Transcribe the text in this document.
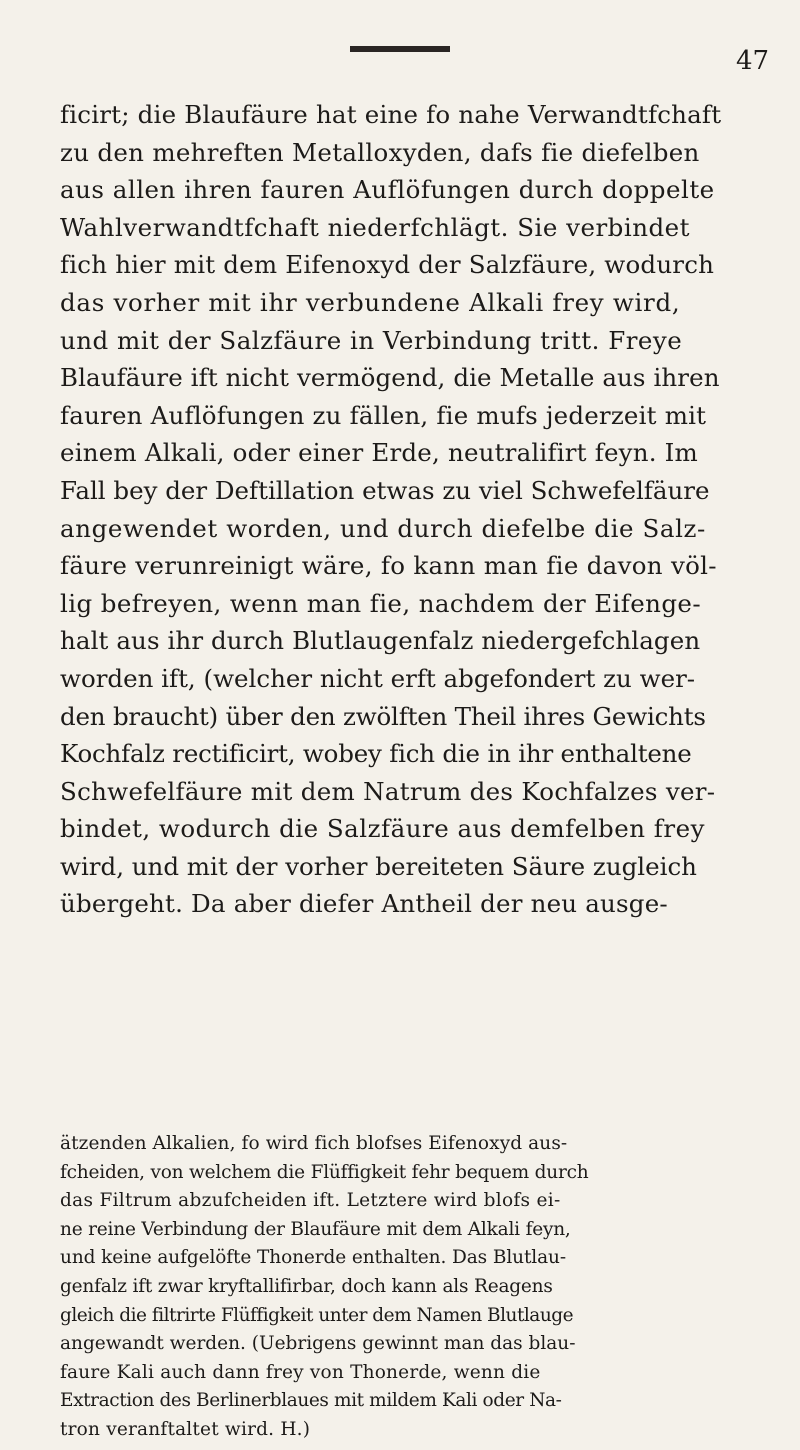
47
ficirt; die Blaufäure hat eine fo nahe Verwandtfchaft
zu den mehreften Metalloxyden, dafs fie diefelben
aus allen ihren fauren Auflöfungen durch doppelte
Wahlverwandtfchaft niederfchlägt. Sie verbindet
fich hier mit dem Eifenoxyd der Salzfäure, wodurch
das vorher mit ihr verbundene Alkali frey wird,
und mit der Salzfäure in Verbindung tritt. Freye
Blaufäure ift nicht vermögend, die Metalle aus ihren
fauren Auflöfungen zu fällen, fie mufs jederzeit mit
einem Alkali, oder einer Erde, neutralifirt feyn. Im
Fall bey der Deftillation etwas zu viel Schwefelfäure
angewendet worden, und durch diefelbe die Salz-
fäure verunreinigt wäre, fo kann man fie davon völ-
lig befreyen, wenn man fie, nachdem der Eifenge-
halt aus ihr durch Blutlaugenfalz niedergefchlagen
worden ift, (welcher nicht erft abgefondert zu wer-
den braucht) über den zwölften Theil ihres Gewichts
Kochfalz rectificirt, wobey fich die in ihr enthaltene
Schwefelfäure mit dem Natrum des Kochfalzes ver-
bindet, wodurch die Salzfäure aus demfelben frey
wird, und mit der vorher bereiteten Säure zugleich
übergeht. Da aber diefer Antheil der neu ausge-
ätzenden Alkalien, fo wird fich blofses Eifenoxyd aus-
fcheiden, von welchem die Flüffigkeit fehr bequem durch
das Filtrum abzufcheiden ift. Letztere wird blofs ei-
ne reine Verbindung der Blaufäure mit dem Alkali feyn,
und keine aufgelöfte Thonerde enthalten. Das Blutlau-
genfalz ift zwar kryftallifirbar, doch kann als Reagens
gleich die filtrirte Flüffigkeit unter dem Namen Blutlauge
angewandt werden. (Uebrigens gewinnt man das blau-
faure Kali auch dann frey von Thonerde, wenn die
Extraction des Berlinerblaues mit mildem Kali oder Na-
tron veranftaltet wird. H.)
